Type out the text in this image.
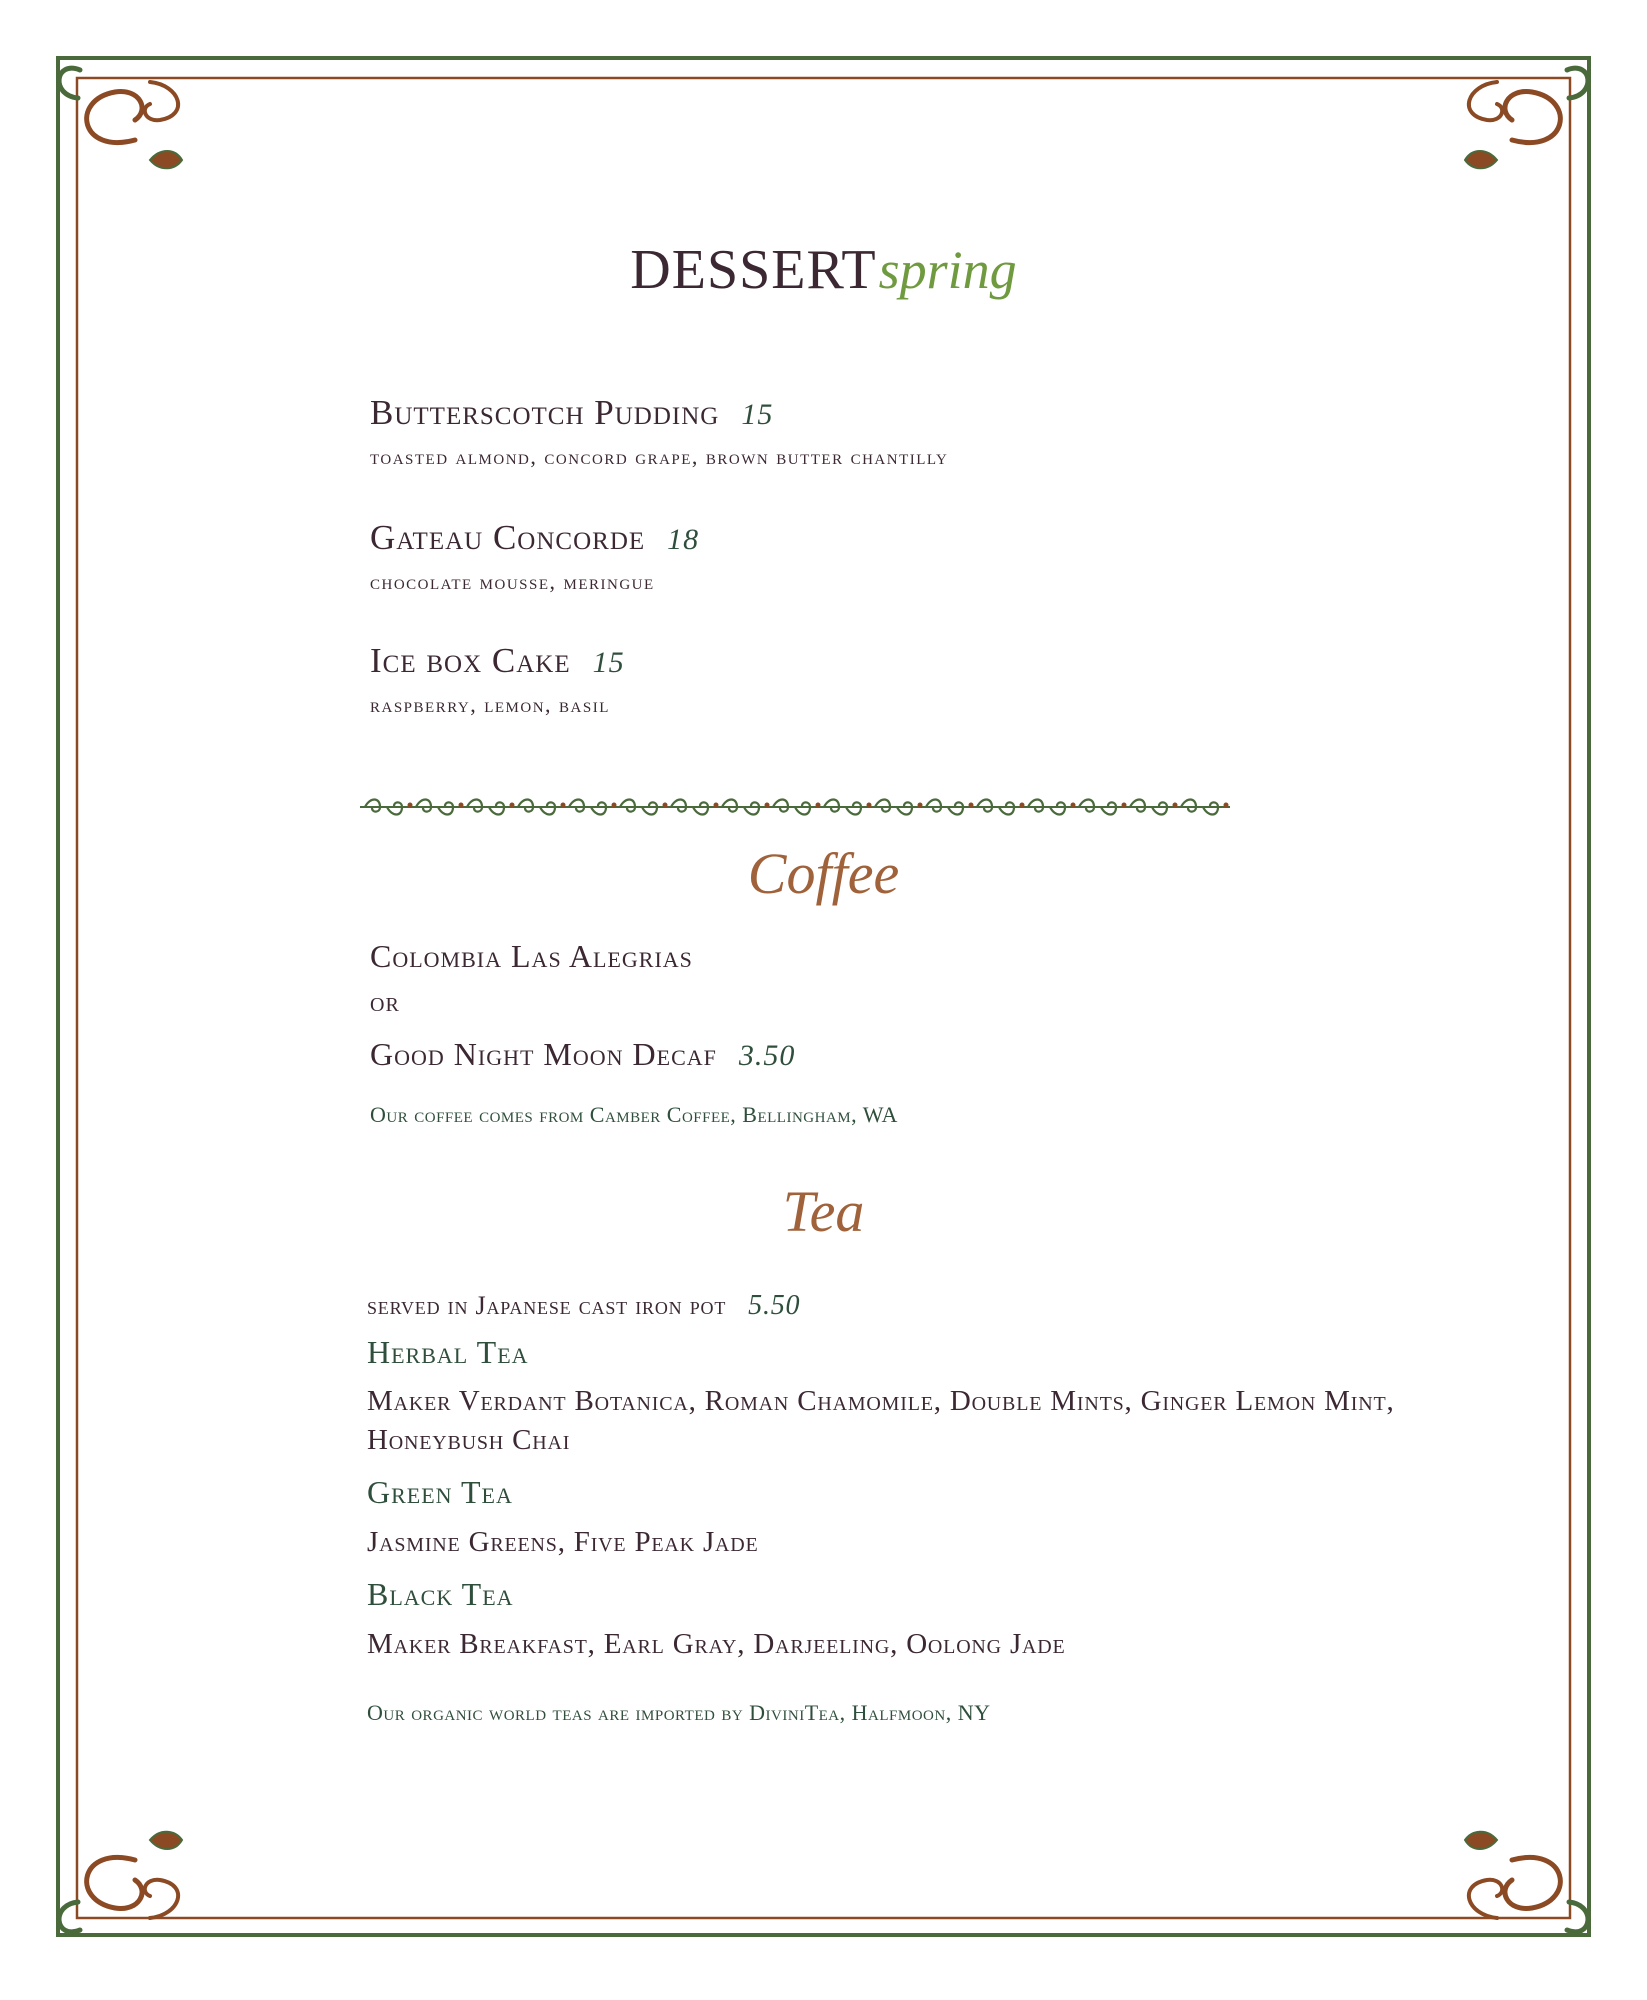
DESSERTspring
Butterscotch Pudding 15
toasted almond, concord grape, brown butter chantilly
Gateau Concorde 18
chocolate mousse, meringue
Ice box Cake 15
raspberry, lemon, basil
Coffee
Colombia Las Alegrias
or
Good Night Moon Decaf 3.50
Our coffee comes from Camber Coffee, Bellingham, WA
Tea
served in Japanese cast iron pot 5.50
Herbal Tea
Maker Verdant Botanica, Roman Chamomile, Double Mints, Ginger Lemon Mint,
Honeybush Chai
Green Tea
Jasmine Greens, Five Peak Jade
Black Tea
Maker Breakfast, Earl Gray, Darjeeling, Oolong Jade
Our organic world teas are imported by DiviniTea, Halfmoon, NY
